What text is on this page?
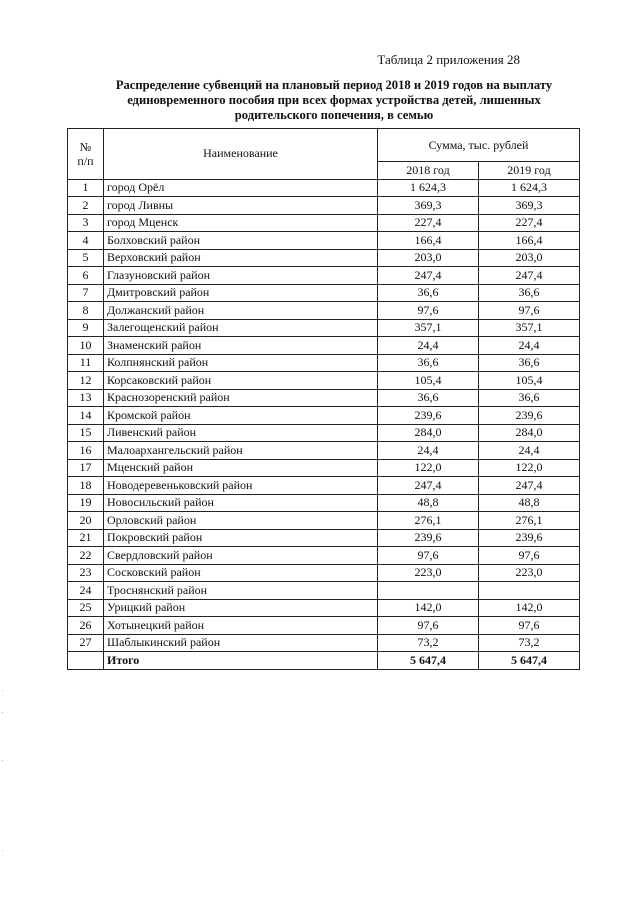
Таблица 2 приложения 28
Распределение субвенций на плановый период 2018 и 2019 годов на выплату
единовременного пособия при всех формах устройства детей, лишенных
родительского попечения, в семью
№
п/п	Наименование	Сумма, тыс. рублей	
		2018 год	2019 год
1	город Орёл	1 624,3	1 624,3
2	город Ливны	369,3	369,3
3	город Мценск	227,4	227,4
4	Болховский район	166,4	166,4
5	Верховский район	203,0	203,0
6	Глазуновский район	247,4	247,4
7	Дмитровский район	36,6	36,6
8	Должанский район	97,6	97,6
9	Залегощенский район	357,1	357,1
10	Знаменский район	24,4	24,4
11	Колпнянский район	36,6	36,6
12	Корсаковский район	105,4	105,4
13	Краснозоренский район	36,6	36,6
14	Кромской район	239,6	239,6
15	Ливенский район	284,0	284,0
16	Малоархангельский район	24,4	24,4
17	Мценский район	122,0	122,0
18	Новодеревеньковский район	247,4	247,4
19	Новосильский район	48,8	48,8
20	Орловский район	276,1	276,1
21	Покровский район	239,6	239,6
22	Свердловский район	97,6	97,6
23	Сосковский район	223,0	223,0
24	Троснянский район		
25	Урицкий район	142,0	142,0
26	Хотынецкий район	97,6	97,6
27	Шаблыкинский район	73,2	73,2
	Итого	5 647,4	5 647,4
